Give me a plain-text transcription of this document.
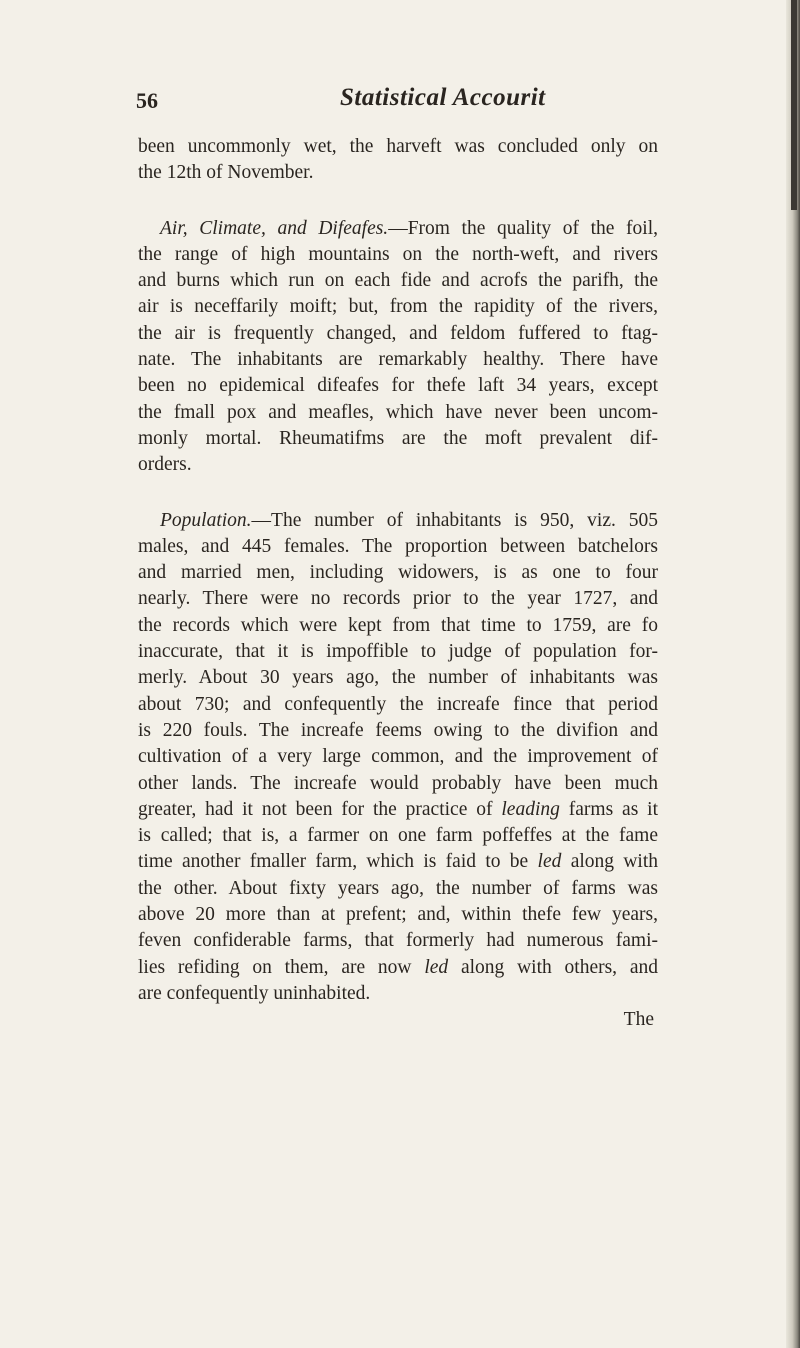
56	Statistical Accourit
been uncommonly wet, the harveft was concluded only on
the 12th of November.
Air, Climate, and Difeafes.—From the quality of the foil,
the range of high mountains on the north-weft, and rivers
and burns which run on each fide and acrofs the parifh, the
air is neceffarily moift; but, from the rapidity of the rivers,
the air is frequently changed, and feldom fuffered to ftag-
nate. The inhabitants are remarkably healthy. There have
been no epidemical difeafes for thefe laft 34 years, except
the fmall pox and meafles, which have never been uncom-
monly mortal. Rheumatifms are the moft prevalent dif-
orders.
Population.—The number of inhabitants is 950, viz. 505
males, and 445 females. The proportion between batchelors
and married men, including widowers, is as one to four
nearly. There were no records prior to the year 1727, and
the records which were kept from that time to 1759, are fo
inaccurate, that it is impoffible to judge of population for-
merly. About 30 years ago, the number of inhabitants was
about 730; and confequently the increafe fince that period
is 220 fouls. The increafe feems owing to the divifion and
cultivation of a very large common, and the improvement of
other lands. The increafe would probably have been much
greater, had it not been for the practice of leading farms as it
is called; that is, a farmer on one farm poffeffes at the fame
time another fmaller farm, which is faid to be led along with
the other. About fixty years ago, the number of farms was
above 20 more than at prefent; and, within thefe few years,
feven confiderable farms, that formerly had numerous fami-
lies refiding on them, are now led along with others, and
are confequently uninhabited.
The
